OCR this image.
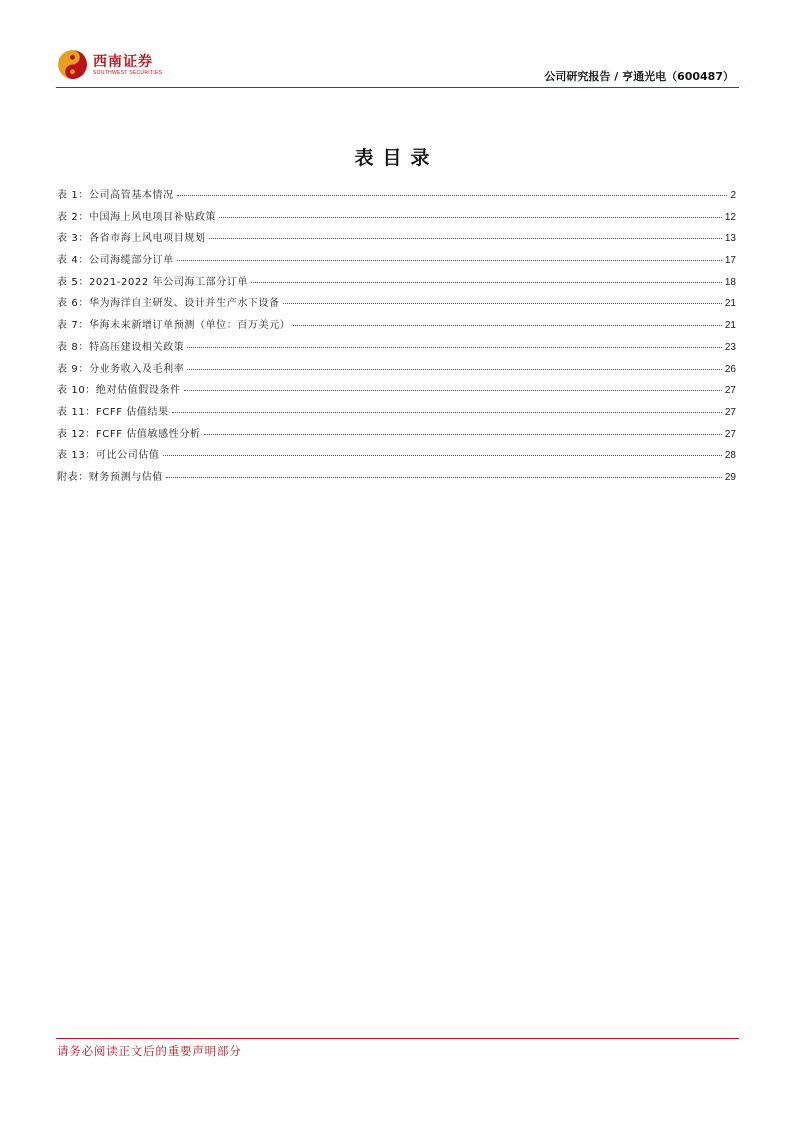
西南证券
SOUTHWEST SECURITIES	公司研究报告 / 亨通光电（600487）
表目录
表 1：公司高管基本情况	2
表 2：中国海上风电项目补贴政策	12
表 3：各省市海上风电项目规划	13
表 4：公司海缆部分订单	17
表 5：2021-2022 年公司海工部分订单	18
表 6：华为海洋自主研发、设计并生产水下设备	21
表 7：华海未来新增订单预测（单位：百万美元）	21
表 8：特高压建设相关政策	23
表 9：分业务收入及毛利率	26
表 10：绝对估值假设条件	27
表 11：FCFF 估值结果	27
表 12：FCFF 估值敏感性分析	27
表 13：可比公司估值	28
附表：财务预测与估值	29
请务必阅读正文后的重要声明部分
